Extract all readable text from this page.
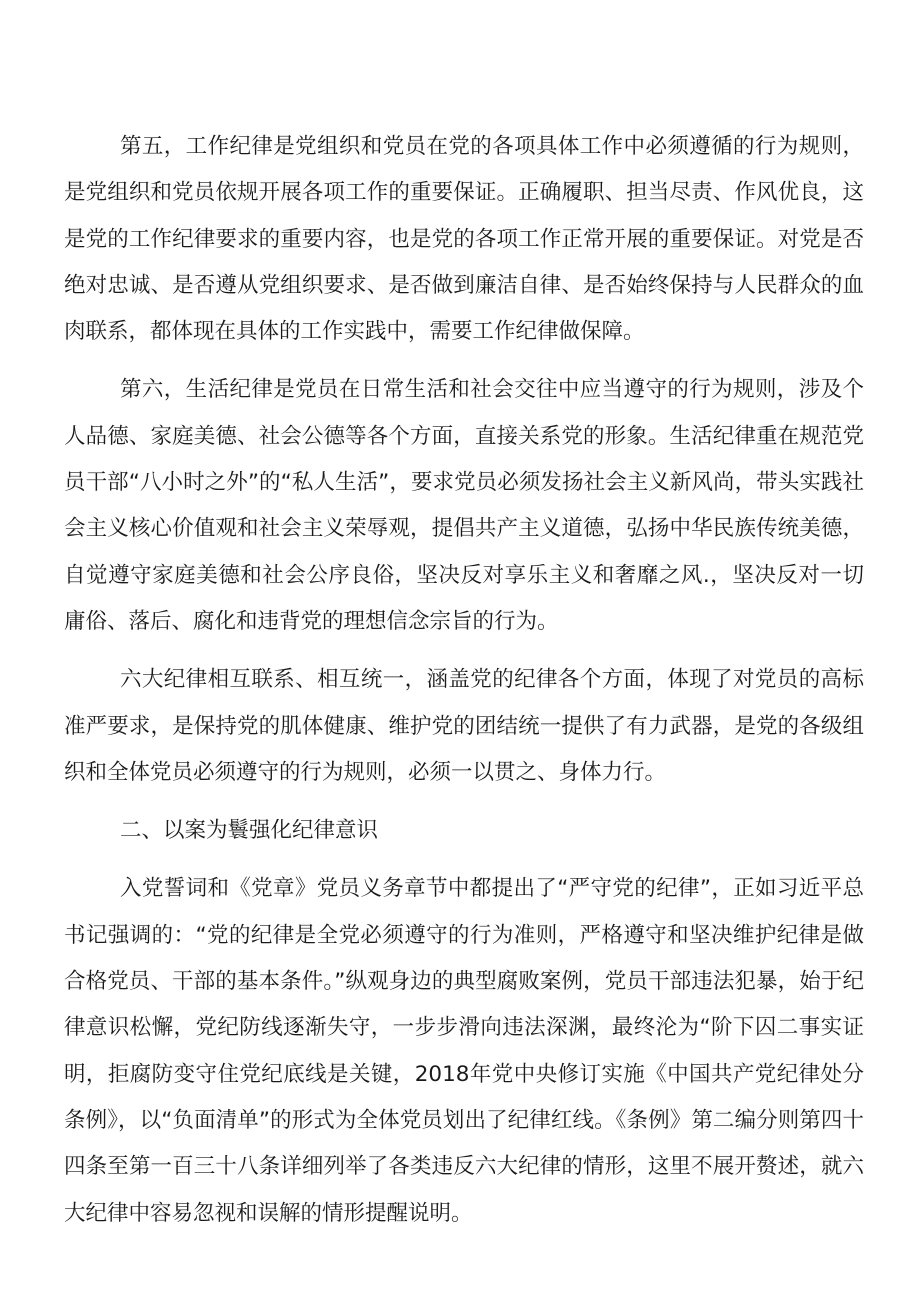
第五，工作纪律是党组织和党员在党的各项具体工作中必须遵循的行为规则，是党组织和党员依规开展各项工作的重要保证。正确履职、担当尽责、作风优良，这是党的工作纪律要求的重要内容，也是党的各项工作正常开展的重要保证。对党是否绝对忠诚、是否遵从党组织要求、是否做到廉洁自律、是否始终保持与人民群众的血肉联系，都体现在具体的工作实践中，需要工作纪律做保障。

第六，生活纪律是党员在日常生活和社会交往中应当遵守的行为规则，涉及个人品德、家庭美德、社会公德等各个方面，直接关系党的形象。生活纪律重在规范党员干部“八小时之外”的“私人生活”，要求党员必须发扬社会主义新风尚，带头实践社会主义核心价值观和社会主义荣辱观，提倡共产主义道德，弘扬中华民族传统美德，自觉遵守家庭美德和社会公序良俗，坚决反对享乐主义和奢靡之风.，坚决反对一切庸俗、落后、腐化和违背党的理想信念宗旨的行为。

六大纪律相互联系、相互统一，涵盖党的纪律各个方面，体现了对党员的高标准严要求，是保持党的肌体健康、维护党的团结统一提供了有力武器，是党的各级组织和全体党员必须遵守的行为规则，必须一以贯之、身体力行。

二、以案为鬟强化纪律意识

入党誓词和《党章》党员义务章节中都提出了“严守党的纪律”，正如习近平总书记强调的：“党的纪律是全党必须遵守的行为准则，严格遵守和坚决维护纪律是做合格党员、干部的基本条件。”纵观身边的典型腐败案例，党员干部违法犯暴，始于纪律意识松懈，党纪防线逐渐失守，一步步滑向违法深渊，最终沦为“阶下囚二事实证明，拒腐防变守住党纪底线是关键，2018年党中央修订实施《中国共产党纪律处分条例》，以“负面清单”的形式为全体党员划出了纪律红线。《条例》第二编分则第四十四条至第一百三十八条详细列举了各类违反六大纪律的情形，这里不展开赘述，就六大纪律中容易忽视和误解的情形提醒说明。
